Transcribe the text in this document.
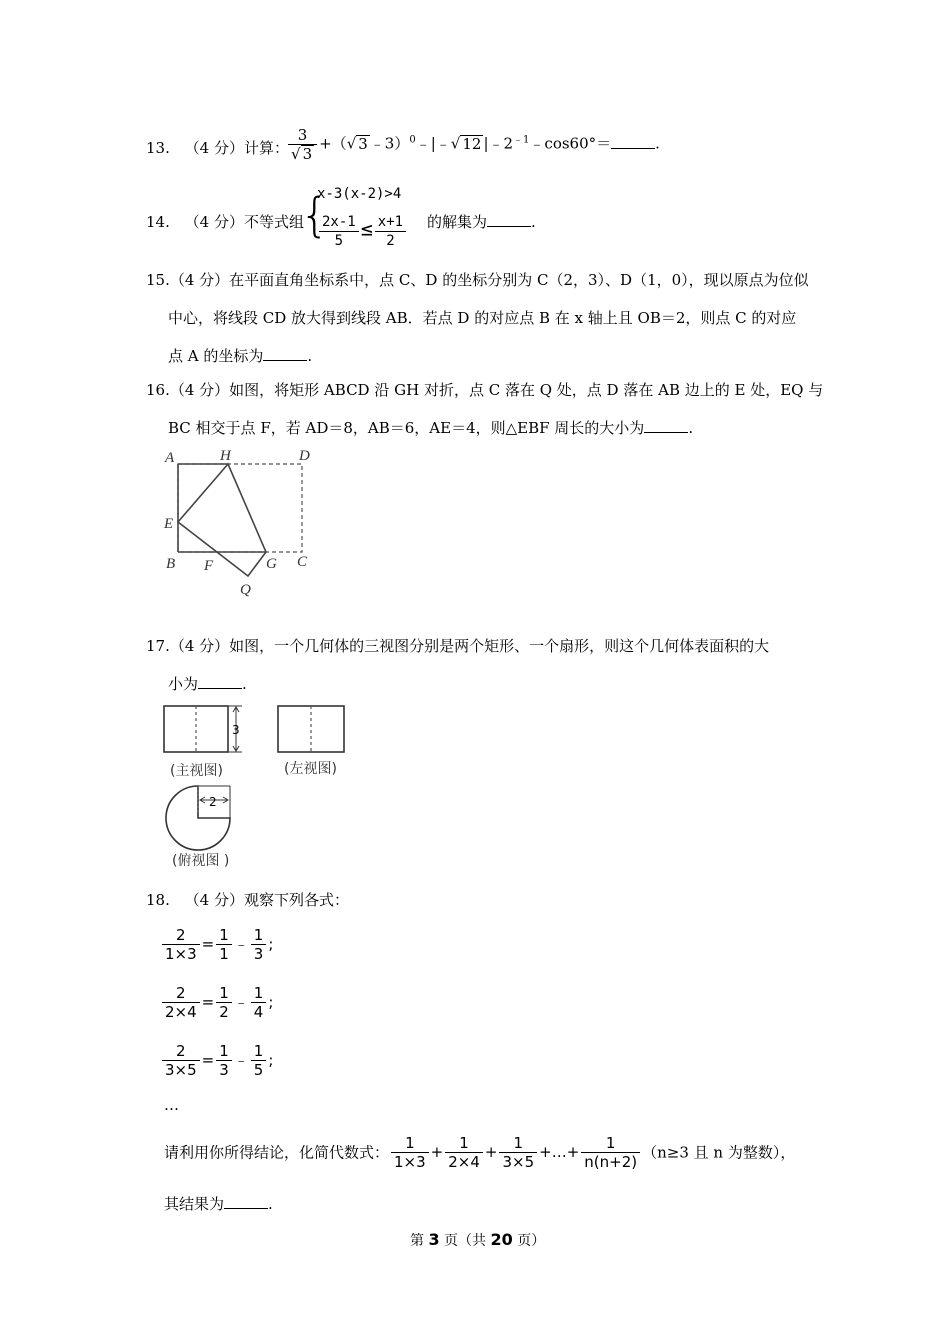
13. （4 分）计算： $\frac{3}{√ 3}$ +（√ 3 ﹣3）$^0$﹣|﹣√ 12 $|﹣2^{﹣1}﹣\cos 60^\circ=$	.
14. （4 分）不等式组
{
x-3(x-2)>4
$\frac{2x-1}{5} \le \frac{x+1}{2}$ 的解集为	.
15.（4 分）在平面直角坐标系中，点 C、D 的坐标分别为 C（2，3）、D（1，0），现以原点为位似
中心，将线段 CD 放大得到线段 AB．若点 D 的对应点 B 在 x 轴上且 OB＝2，则点 C 的对应
点 A 的坐标为	.
16.（4 分）如图，将矩形 ABCD 沿 GH 对折，点 C 落在 Q 处，点 D 落在 AB 边上的 E 处，EQ 与
BC 相交于点 F，若 AD＝8，AB＝6，AE＝4，则△EBF 周长的大小为	.
A	H	D
E
B F	G C
Q
17.（4 分）如图，一个几何体的三视图分别是两个矩形、一个扇形，则这个几何体表面积的大
小为	.
3
(主视图)	(左视图)
2
(俯视图 )
18. （4 分）观察下列各式：
$\frac{2}{1\times 3} = \frac{1}{1}$ ﹣ $\frac{1}{3}$ ;
$\frac{2}{2\times 4} = \frac{1}{2}$ ﹣ $\frac{1}{4}$ ;
$\frac{2}{3\times 5} = \frac{1}{3}$ ﹣ $\frac{1}{5}$ ;
…
请利用你所得结论，化简代数式： $\frac{1}{1\times 3} + \frac{1}{2\times 4} + \frac{1}{3\times 5}$ +…+ $\frac{1}{n(n+2)} (n\ge 3$ 且 n 为整数），
其结果为	.
第 3 页（共 20 页）
